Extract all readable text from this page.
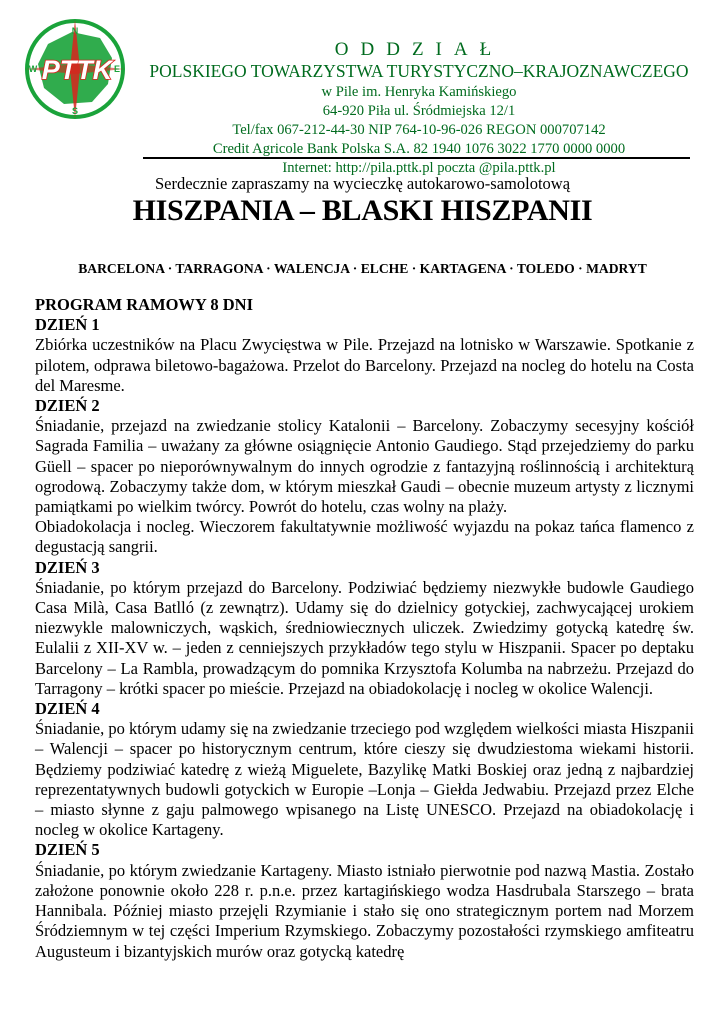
N
E
S
W PTTK
ODDZIAŁ
POLSKIEGO TOWARZYSTWA TURYSTYCZNO–KRAJOZNAWCZEGO
w Pile im. Henryka Kamińskiego
64-920 Piła ul. Śródmiejska 12/1
Tel/fax 067-212-44-30 NIP 764-10-96-026 REGON 000707142
Credit Agricole Bank Polska S.A. 82 1940 1076 3022 1770 0000 0000
Internet: http://pila.pttk.pl poczta @pila.pttk.pl
Serdecznie zapraszamy na wycieczkę autokarowo-samolotową
HISZPANIA – BLASKI HISZPANII
BARCELONA · TARRAGONA · WALENCJA · ELCHE · KARTAGENA · TOLEDO · MADRYT
PROGRAM RAMOWY 8 DNI
DZIEŃ 1

Zbiórka uczestników na Placu Zwycięstwa w Pile. Przejazd na lotnisko w Warszawie. Spotkanie z pilotem, odprawa biletowo-bagażowa. Przelot do Barcelony. Przejazd na nocleg do hotelu na Costa del Maresme.

DZIEŃ 2

Śniadanie, przejazd na zwiedzanie stolicy Katalonii – Barcelony. Zobaczymy secesyjny kościół Sagrada Familia – uważany za główne osiągnięcie Antonio Gaudiego. Stąd przejedziemy do parku Güell – spacer po nieporównywalnym do innych ogrodzie z fantazyjną roślinnością i architekturą ogrodową. Zobaczymy także dom, w którym mieszkał Gaudi – obecnie muzeum artysty z licznymi pamiątkami po wielkim twórcy. Powrót do hotelu, czas wolny na plaży.

Obiadokolacja i nocleg. Wieczorem fakultatywnie możliwość wyjazdu na pokaz tańca flamenco z degustacją sangrii.

DZIEŃ 3

Śniadanie, po którym przejazd do Barcelony. Podziwiać będziemy niezwykłe budowle Gaudiego Casa Milà, Casa Batlló (z zewnątrz). Udamy się do dzielnicy gotyckiej, zachwycającej urokiem niezwykle malowniczych, wąskich, średniowiecznych uliczek. Zwiedzimy gotycką katedrę św. Eulalii z XII-XV w. – jeden z cenniejszych przykładów tego stylu w Hiszpanii. Spacer po deptaku Barcelony – La Rambla, prowadzącym do pomnika Krzysztofa Kolumba na nabrzeżu. Przejazd do Tarragony – krótki spacer po mieście. Przejazd na obiadokolację i nocleg w okolice Walencji.

DZIEŃ 4

Śniadanie, po którym udamy się na zwiedzanie trzeciego pod względem wielkości miasta Hiszpanii – Walencji – spacer po historycznym centrum, które cieszy się dwudziestoma wiekami historii. Będziemy podziwiać katedrę z wieżą Miguelete, Bazylikę Matki Boskiej oraz jedną z najbardziej reprezentatywnych budowli gotyckich w Europie –Lonja – Giełda Jedwabiu. Przejazd przez Elche – miasto słynne z gaju palmowego wpisanego na Listę UNESCO. Przejazd na obiadokolację i nocleg w okolice Kartageny.

DZIEŃ 5

Śniadanie, po którym zwiedzanie Kartageny. Miasto istniało pierwotnie pod nazwą Mastia. Zostało założone ponownie około 228 r. p.n.e. przez kartagińskiego wodza Hasdrubala Starszego – brata Hannibala. Później miasto przejęli Rzymianie i stało się ono strategicznym portem nad Morzem Śródziemnym w tej części Imperium Rzymskiego. Zobaczymy pozostałości rzymskiego amfiteatru Augusteum i bizantyjskich murów oraz gotycką katedrę
